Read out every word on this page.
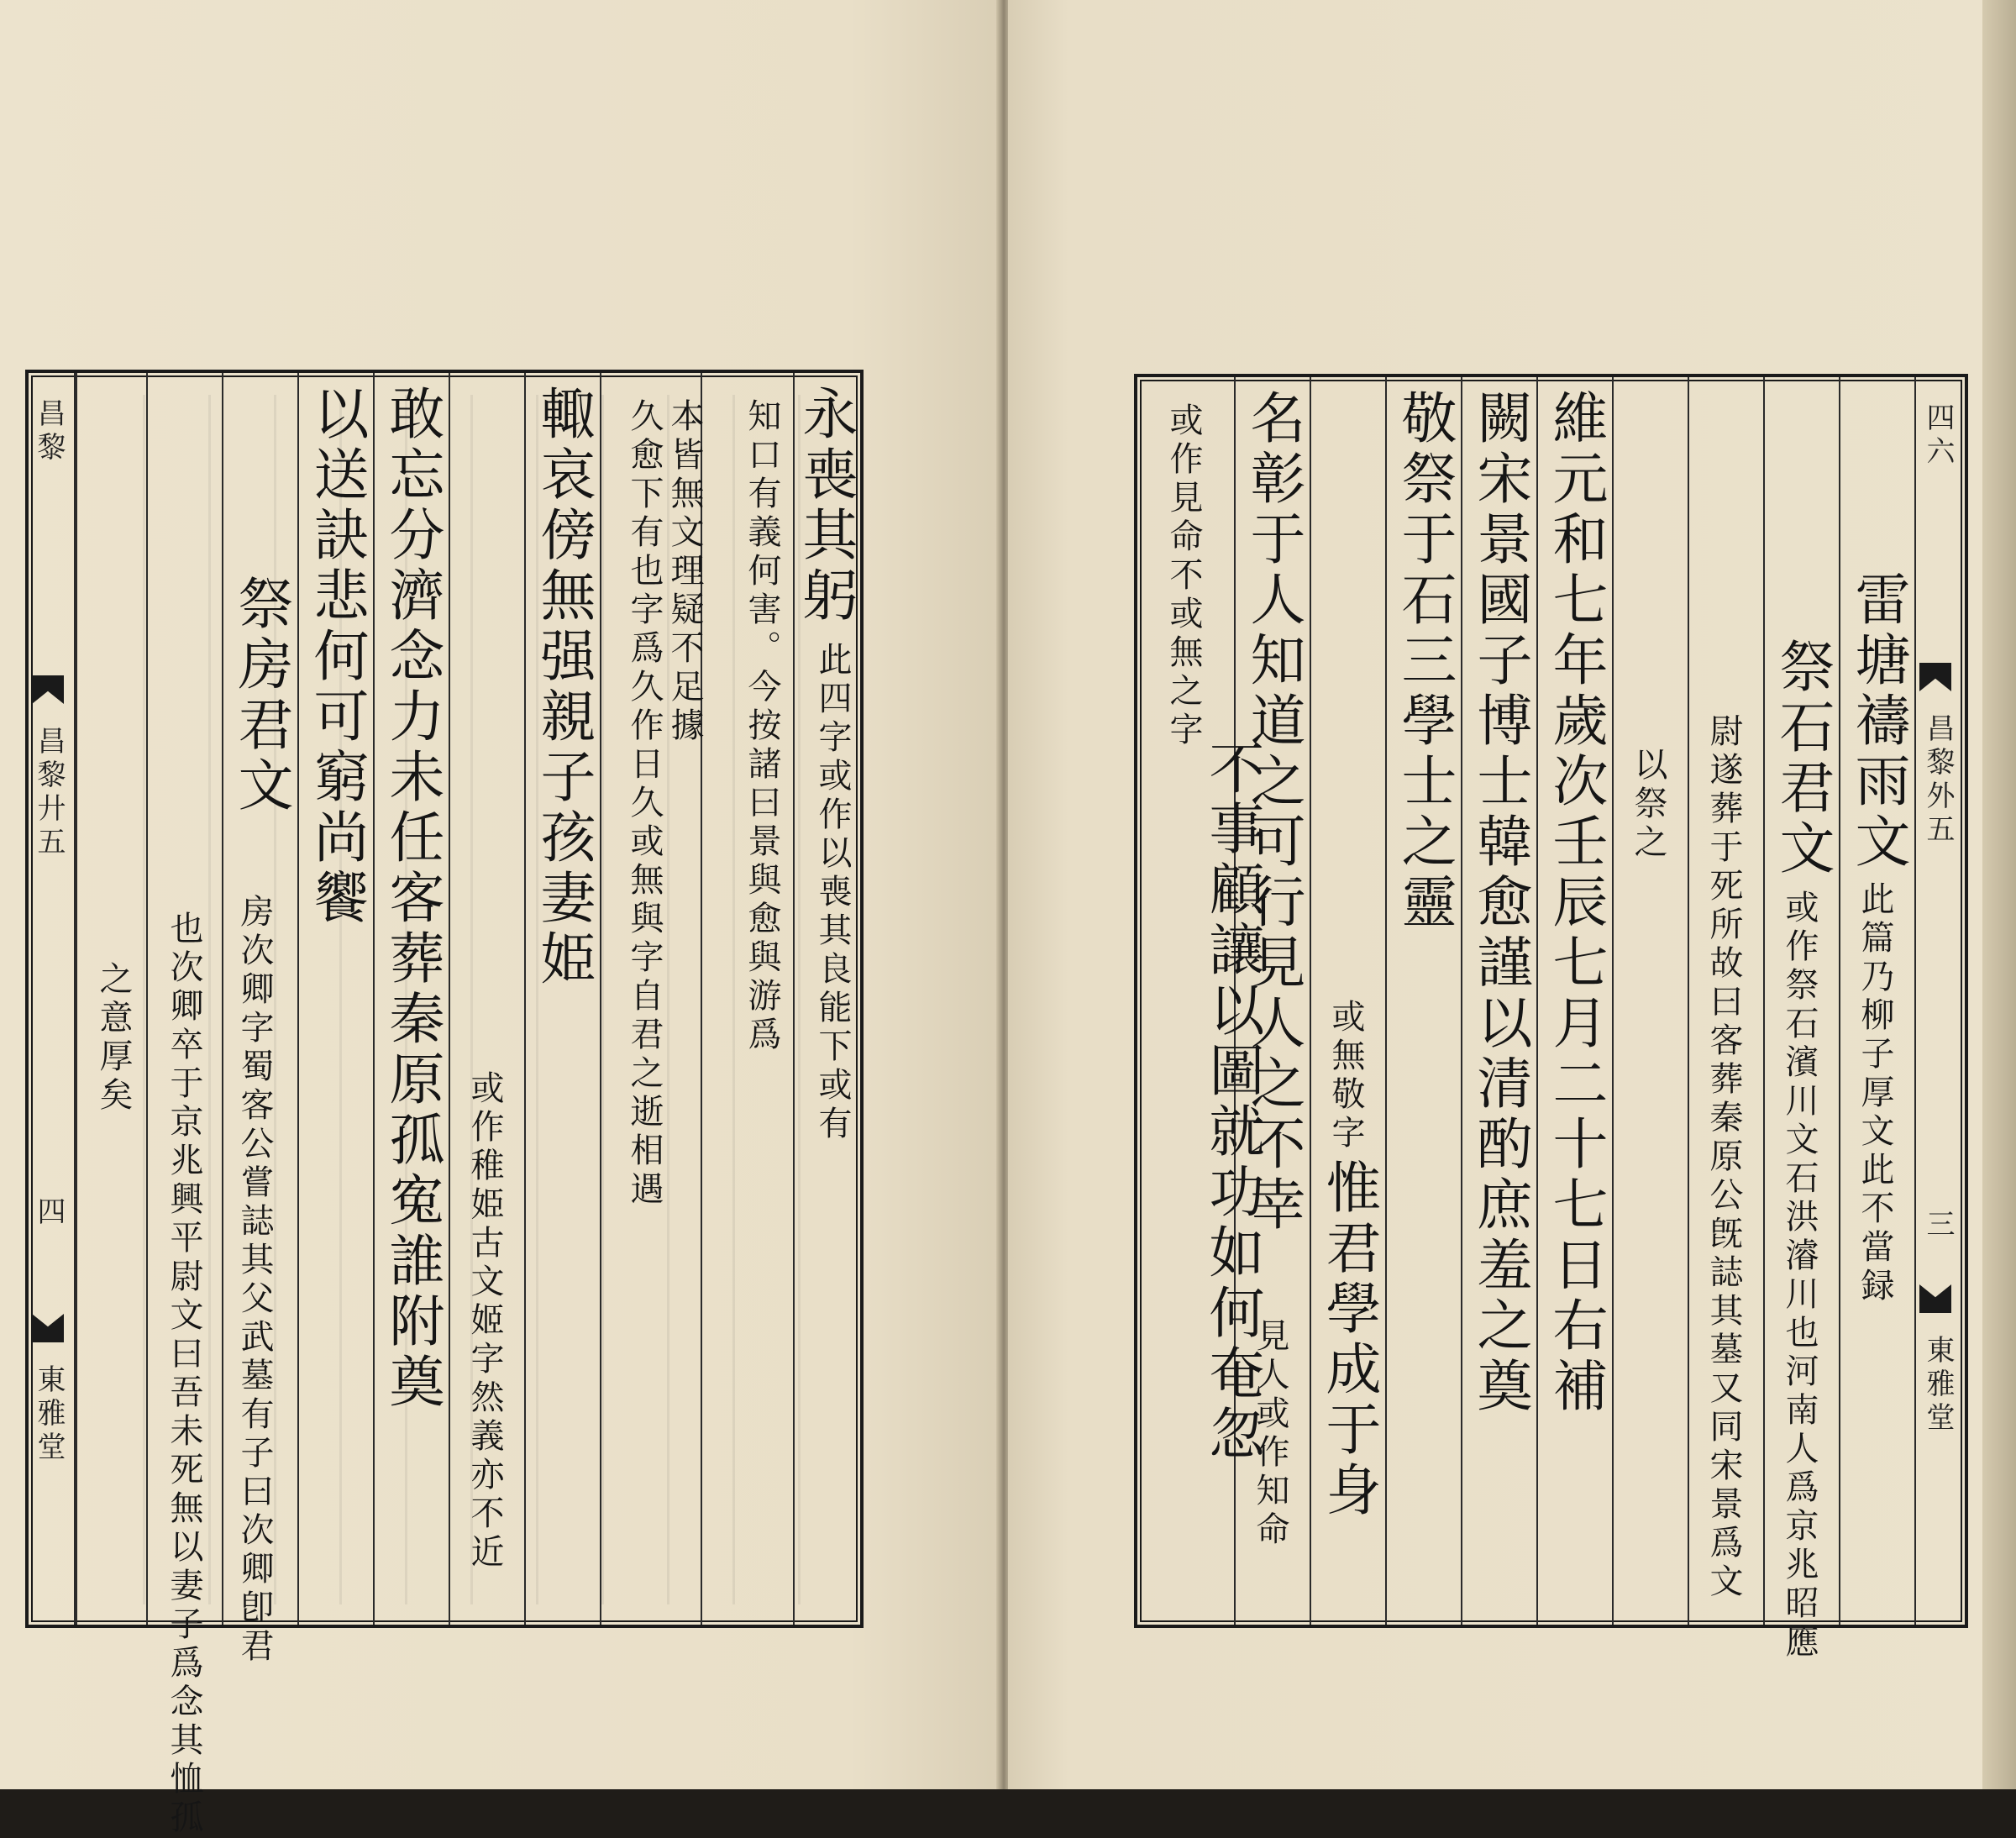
昌黎
昌黎廾五
四
東雅堂
永喪其躬
此四字或作以喪其良能下或有
知口有義何害。今按諸曰景與愈與游爲
本皆無文理疑不足據
久愈下有也字爲久作日久或無與字自君之逝相遇
輙哀傍無强親子孩妻姫
或作稚姫古文姬字然義亦不近
敢忘分濟念力未任客葬秦原孤寃誰附奠
以送訣悲何可窮尚饗
祭房君文
房次卿字蜀客公嘗誌其父武墓有子曰次卿卽君
也次卿卒于京兆興平尉文曰吾未死無以妻子爲念其恤孤
之意厚矣
四六
昌黎外五
三
東雅堂
雷塘禱雨文
此篇乃柳子厚文此不當録
祭石君文
或作祭石濱川文石洪濬川也河南人爲京兆昭應
尉遂葬于死所故曰客葬秦原公旣誌其墓又同宋景爲文
以祭之
維元和七年歲次壬辰七月二十七日右補
闕宋景國子博士韓愈謹以清酌庶羞之奠
敬祭于石三學士之靈
或無敬字
惟君學成于身
名彰于人知道之可行見人之不幸
見人或作知命
或作見命不或無之字
不事顧讓以圖就功如何奄忽
